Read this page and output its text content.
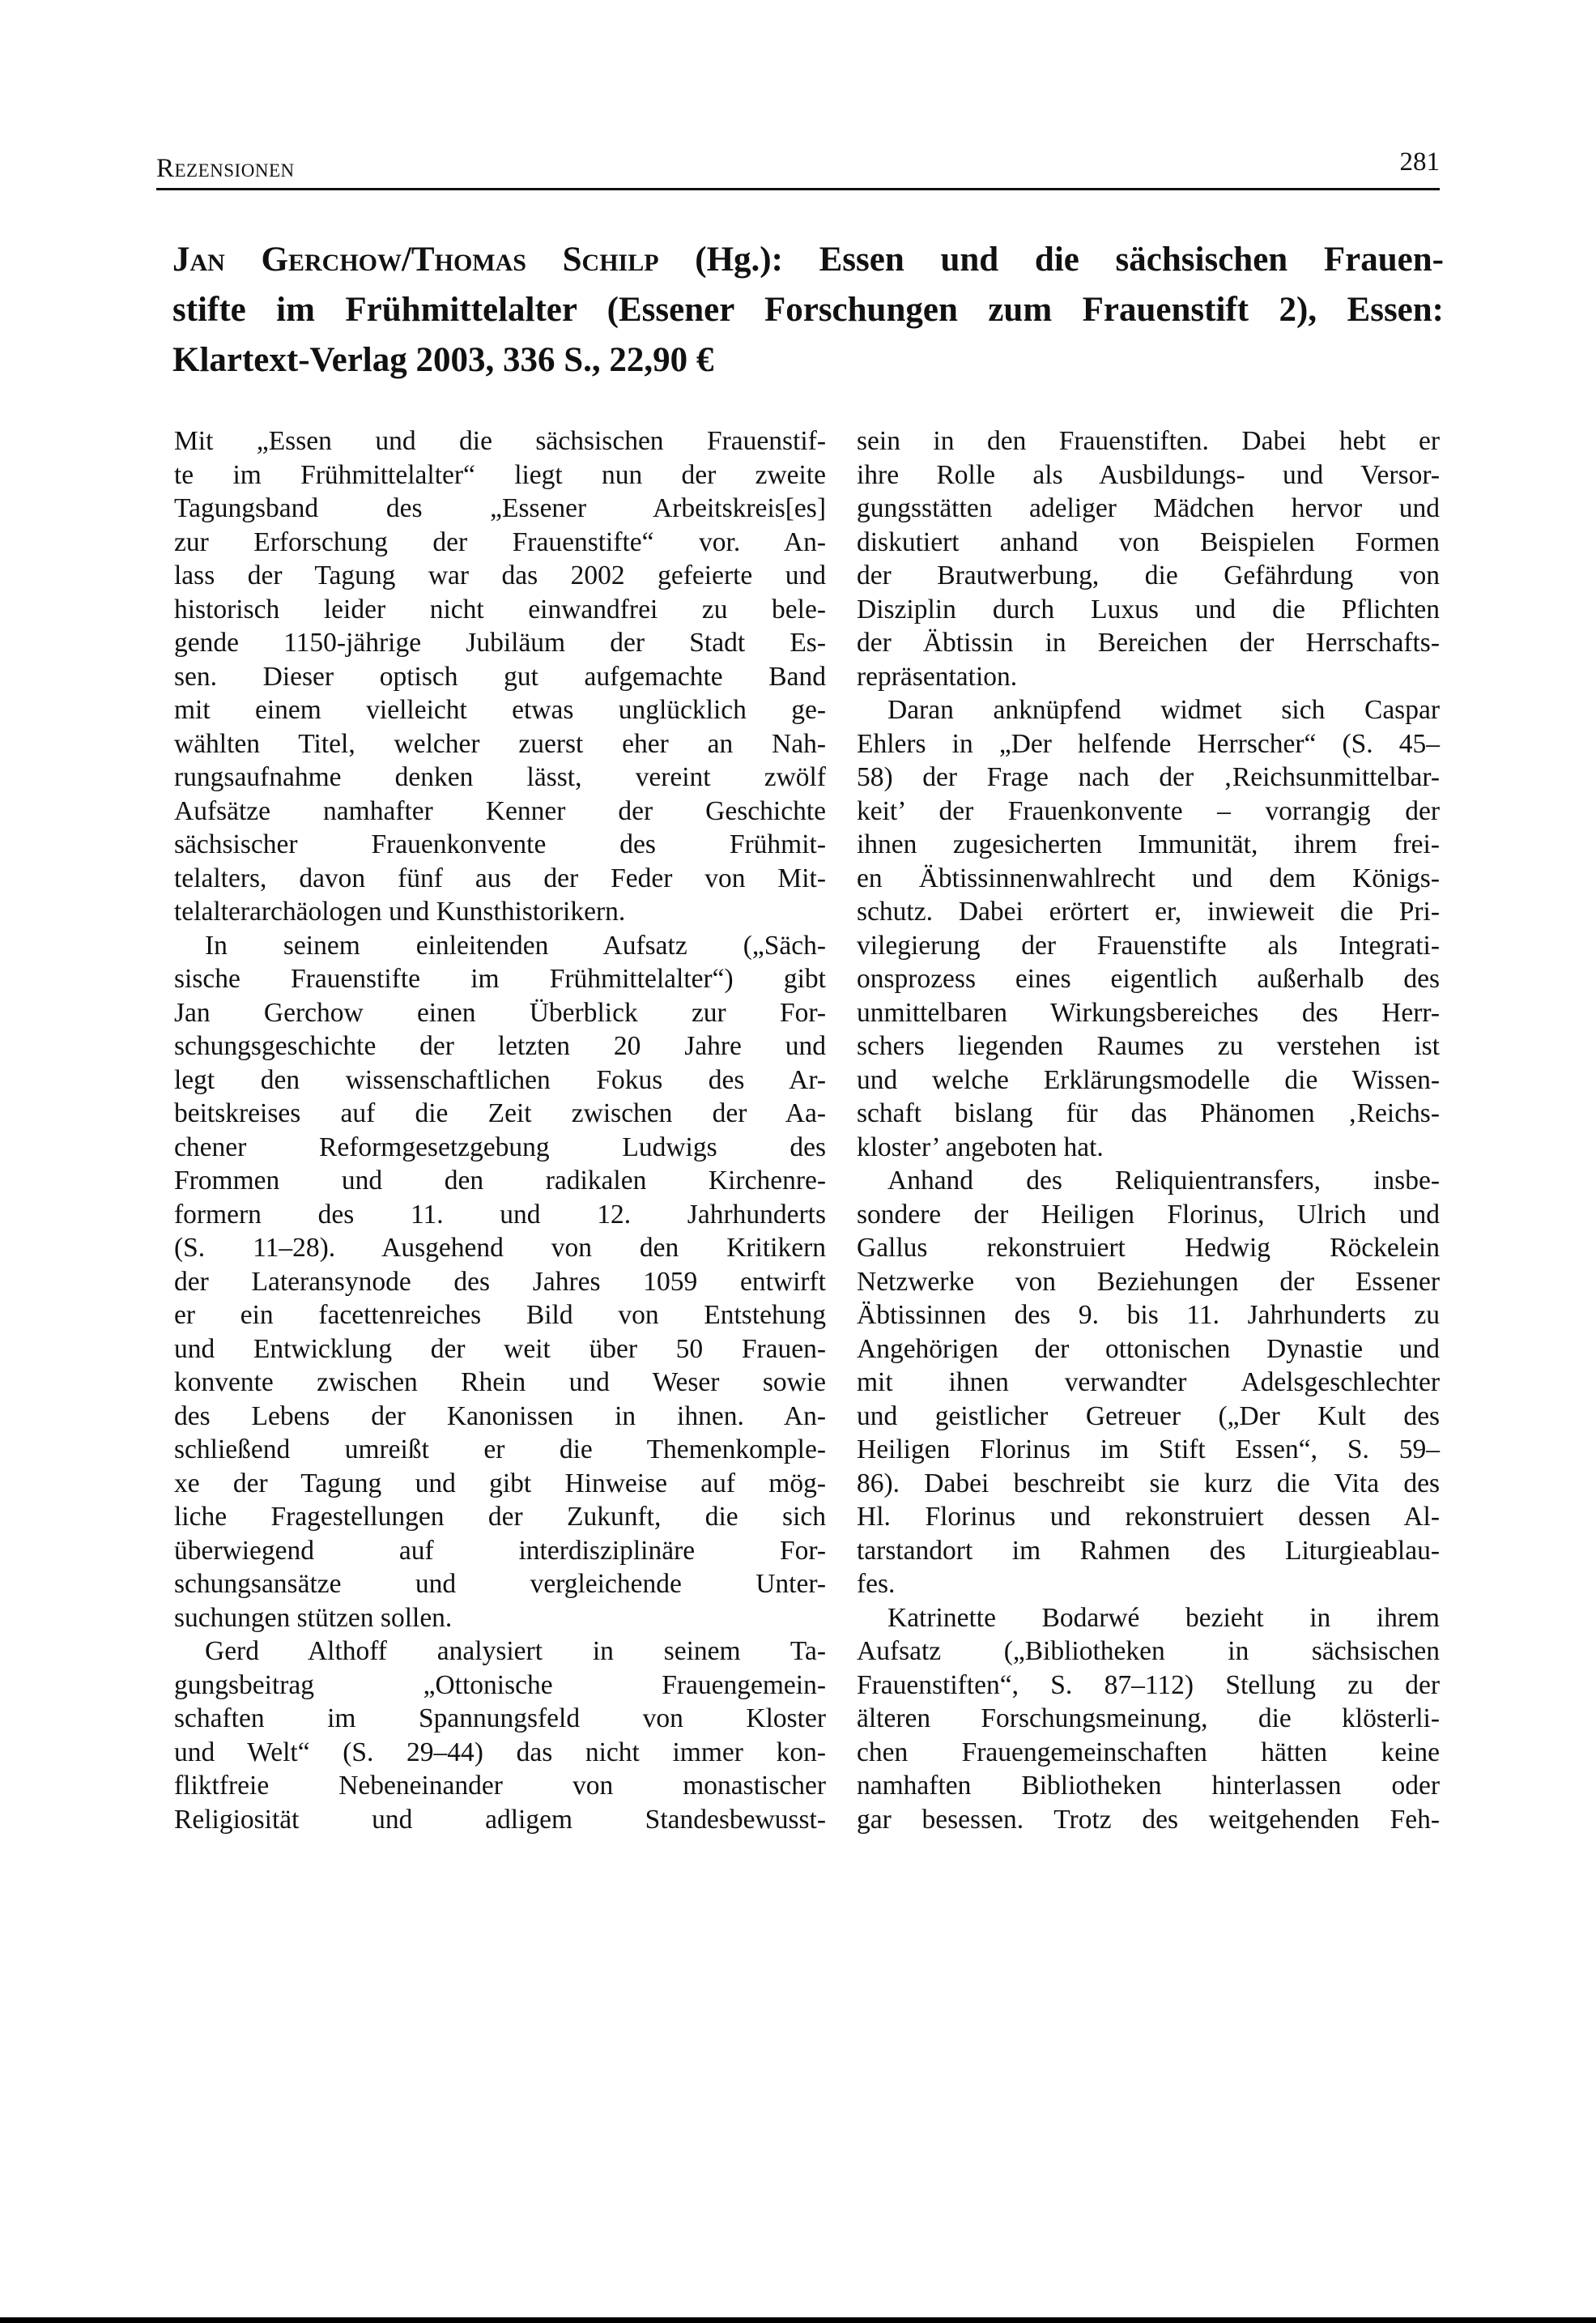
Rezensionen	281
Jan Gerchow/Thomas Schilp (Hg.): Essen und die sächsischen Frauen-
stifte im Frühmittelalter (Essener Forschungen zum Frauenstift 2), Essen:
Klartext-Verlag 2003, 336 S., 22,90 €
Mit „Essen und die sächsischen Frauenstif-
te im Frühmittelalter“ liegt nun der zweite
Tagungsband des „Essener Arbeitskreis[es]
zur Erforschung der Frauenstifte“ vor. An-
lass der Tagung war das 2002 gefeierte und
historisch leider nicht einwandfrei zu bele-
gende 1150-jährige Jubiläum der Stadt Es-
sen. Dieser optisch gut aufgemachte Band
mit einem vielleicht etwas unglücklich ge-
wählten Titel, welcher zuerst eher an Nah-
rungsaufnahme denken lässt, vereint zwölf
Aufsätze namhafter Kenner der Geschichte
sächsischer Frauenkonvente des Frühmit-
telalters, davon fünf aus der Feder von Mit-
telalterarchäologen und Kunsthistorikern.
In seinem einleitenden Aufsatz („Säch-
sische Frauenstifte im Frühmittelalter“) gibt
Jan Gerchow einen Überblick zur For-
schungsgeschichte der letzten 20 Jahre und
legt den wissenschaftlichen Fokus des Ar-
beitskreises auf die Zeit zwischen der Aa-
chener Reformgesetzgebung Ludwigs des
Frommen und den radikalen Kirchenre-
formern des 11. und 12. Jahrhunderts
(S. 11–28). Ausgehend von den Kritikern
der Lateransynode des Jahres 1059 entwirft
er ein facettenreiches Bild von Entstehung
und Entwicklung der weit über 50 Frauen-
konvente zwischen Rhein und Weser sowie
des Lebens der Kanonissen in ihnen. An-
schließend umreißt er die Themenkomple-
xe der Tagung und gibt Hinweise auf mög-
liche Fragestellungen der Zukunft, die sich
überwiegend auf interdisziplinäre For-
schungsansätze und vergleichende Unter-
suchungen stützen sollen.
Gerd Althoff analysiert in seinem Ta-
gungsbeitrag „Ottonische Frauengemein-
schaften im Spannungsfeld von Kloster
und Welt“ (S. 29–44) das nicht immer kon-
fliktfreie Nebeneinander von monastischer
Religiosität und adligem Standesbewusst-
sein in den Frauenstiften. Dabei hebt er
ihre Rolle als Ausbildungs- und Versor-
gungsstätten adeliger Mädchen hervor und
diskutiert anhand von Beispielen Formen
der Brautwerbung, die Gefährdung von
Disziplin durch Luxus und die Pflichten
der Äbtissin in Bereichen der Herrschafts-
repräsentation.
Daran anknüpfend widmet sich Caspar
Ehlers in „Der helfende Herrscher“ (S. 45–
58) der Frage nach der ‚Reichsunmittelbar-
keit’ der Frauenkonvente – vorrangig der
ihnen zugesicherten Immunität, ihrem frei-
en Äbtissinnenwahlrecht und dem Königs-
schutz. Dabei erörtert er, inwieweit die Pri-
vilegierung der Frauenstifte als Integrati-
onsprozess eines eigentlich außerhalb des
unmittelbaren Wirkungsbereiches des Herr-
schers liegenden Raumes zu verstehen ist
und welche Erklärungsmodelle die Wissen-
schaft bislang für das Phänomen ‚Reichs-
kloster’ angeboten hat.
Anhand des Reliquientransfers, insbe-
sondere der Heiligen Florinus, Ulrich und
Gallus rekonstruiert Hedwig Röckelein
Netzwerke von Beziehungen der Essener
Äbtissinnen des 9. bis 11. Jahrhunderts zu
Angehörigen der ottonischen Dynastie und
mit ihnen verwandter Adelsgeschlechter
und geistlicher Getreuer („Der Kult des
Heiligen Florinus im Stift Essen“, S. 59–
86). Dabei beschreibt sie kurz die Vita des
Hl. Florinus und rekonstruiert dessen Al-
tarstandort im Rahmen des Liturgieablau-
fes.
Katrinette Bodarwé bezieht in ihrem
Aufsatz („Bibliotheken in sächsischen
Frauenstiften“, S. 87–112) Stellung zu der
älteren Forschungsmeinung, die klösterli-
chen Frauengemeinschaften hätten keine
namhaften Bibliotheken hinterlassen oder
gar besessen. Trotz des weitgehenden Feh-
